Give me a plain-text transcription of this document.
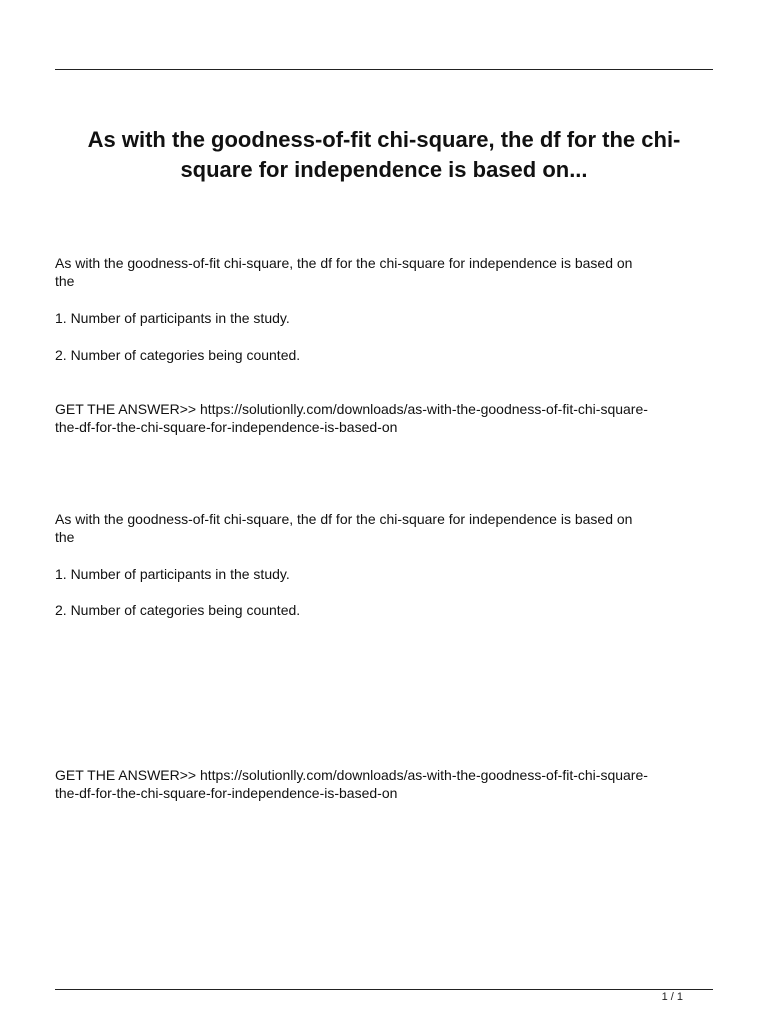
As with the goodness-of-fit chi-square, the df for the chi-
square for independence is based on...

As with the goodness-of-fit chi-square, the df for the chi-square for independence is based on
the

1. Number of participants in the study.

2. Number of categories being counted.

GET THE ANSWER>> https://solutionlly.com/downloads/as-with-the-goodness-of-fit-chi-square-
the-df-for-the-chi-square-for-independence-is-based-on

As with the goodness-of-fit chi-square, the df for the chi-square for independence is based on
the

1. Number of participants in the study.

2. Number of categories being counted.

GET THE ANSWER>> https://solutionlly.com/downloads/as-with-the-goodness-of-fit-chi-square-
the-df-for-the-chi-square-for-independence-is-based-on

1 / 1
